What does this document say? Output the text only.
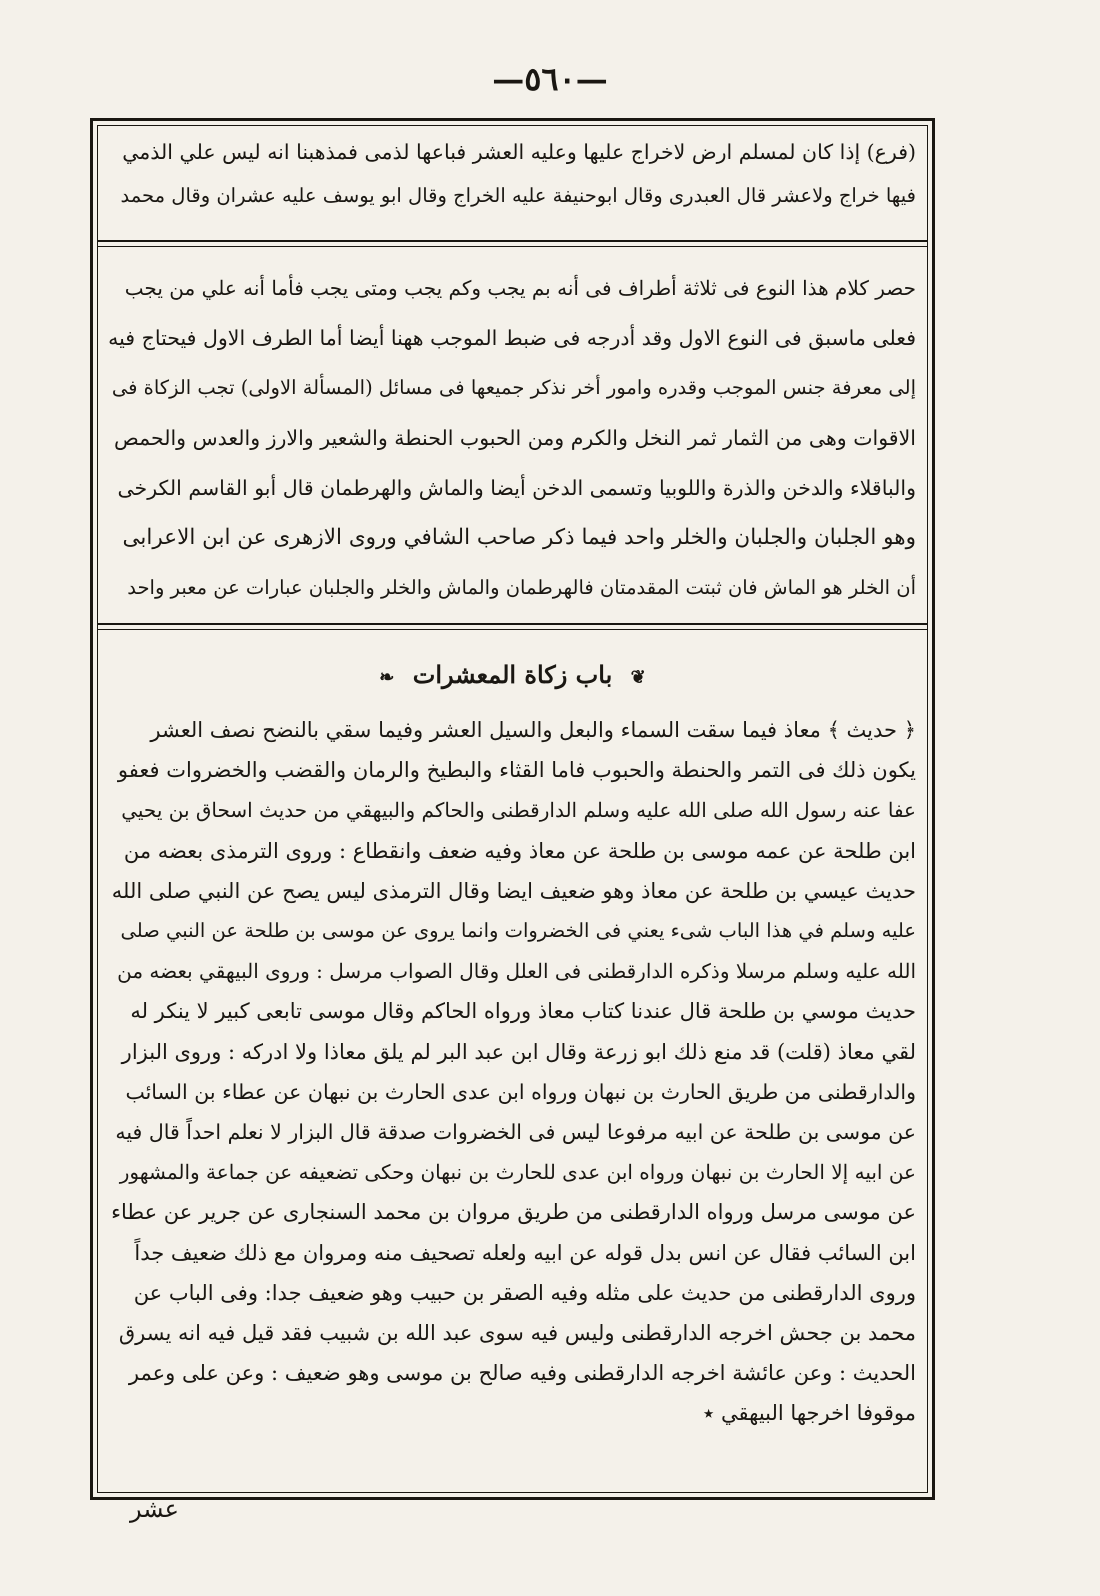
—٥٦٠—
(فرع) إذا كان لمسلم ارض لاخراج عليها وعليه العشر فباعها لذمى فمذهبنا انه ليس علي الذمي
فيها خراج ولاعشر قال العبدرى وقال ابوحنيفة عليه الخراج وقال ابو يوسف عليه عشران وقال محمد
حصر كلام هذا النوع فى ثلاثة أطراف فى أنه بم يجب وكم يجب ومتى يجب فأما أنه علي من يجب
فعلى ماسبق فى النوع الاول وقد أدرجه فى ضبط الموجب ههنا أيضا أما الطرف الاول فيحتاج فيه
إلى معرفة جنس الموجب وقدره وامور أخر نذكر جميعها فى مسائل (المسألة الاولى) تجب الزكاة فى
الاقوات وهى من الثمار ثمر النخل والكرم ومن الحبوب الحنطة والشعير والارز والعدس والحمص
والباقلاء والدخن والذرة واللوبيا وتسمى الدخن أيضا والماش والهرطمان قال أبو القاسم الكرخى
وهو الجلبان والجلبان والخلر واحد فيما ذكر صاحب الشافي وروى الازهرى عن ابن الاعرابى
أن الخلر هو الماش فان ثبتت المقدمتان فالهرطمان والماش والخلر والجلبان عبارات عن معبر واحد
❦ باب زكاة المعشرات ❧
﴿ حديث ﴾ معاذ فيما سقت السماء والبعل والسيل العشر وفيما سقي بالنضح نصف العشر
يكون ذلك فى التمر والحنطة والحبوب فاما القثاء والبطيخ والرمان والقضب والخضروات فعفو
عفا عنه رسول الله صلى الله عليه وسلم الدارقطنى والحاكم والبيهقي من حديث اسحاق بن يحيي
ابن طلحة عن عمه موسى بن طلحة عن معاذ وفيه ضعف وانقطاع : وروى الترمذى بعضه من
حديث عيسي بن طلحة عن معاذ وهو ضعيف ايضا وقال الترمذى ليس يصح عن النبي صلى الله
عليه وسلم في هذا الباب شىء يعني فى الخضروات وانما يروى عن موسى بن طلحة عن النبي صلى
الله عليه وسلم مرسلا وذكره الدارقطنى فى العلل وقال الصواب مرسل : وروى البيهقي بعضه من
حديث موسي بن طلحة قال عندنا كتاب معاذ ورواه الحاكم وقال موسى تابعى كبير لا ينكر له
لقي معاذ (قلت) قد منع ذلك ابو زرعة وقال ابن عبد البر لم يلق معاذا ولا ادركه : وروى البزار
والدارقطنى من طريق الحارث بن نبهان ورواه ابن عدى الحارث بن نبهان عن عطاء بن السائب
عن موسى بن طلحة عن ابيه مرفوعا ليس فى الخضروات صدقة قال البزار لا نعلم احداً قال فيه
عن ابيه إلا الحارث بن نبهان ورواه ابن عدى للحارث بن نبهان وحكى تضعيفه عن جماعة والمشهور
عن موسى مرسل ورواه الدارقطنى من طريق مروان بن محمد السنجارى عن جرير عن عطاء
ابن السائب فقال عن انس بدل قوله عن ابيه ولعله تصحيف منه ومروان مع ذلك ضعيف جداً
وروى الدارقطنى من حديث على مثله وفيه الصقر بن حبيب وهو ضعيف جدا: وفى الباب عن
محمد بن جحش اخرجه الدارقطنى وليس فيه سوى عبد الله بن شبيب فقد قيل فيه انه يسرق
الحديث : وعن عائشة اخرجه الدارقطنى وفيه صالح بن موسى وهو ضعيف : وعن على وعمر
موقوفا اخرجها البيهقي ٭
عشر
